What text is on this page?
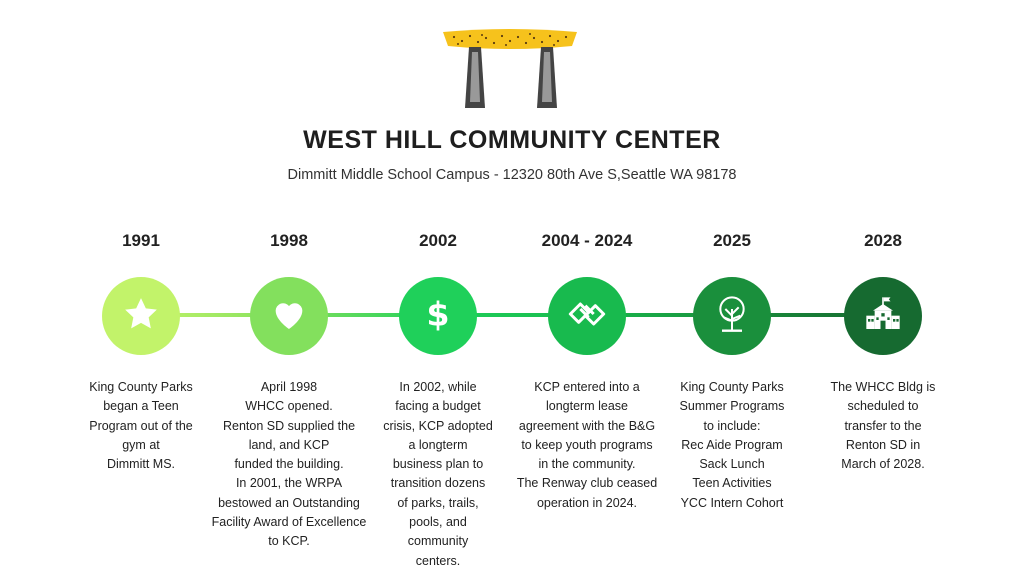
WEST HILL COMMUNITY CENTER
Dimmitt Middle School Campus - 12320 80th Ave S,Seattle WA 98178
1991
King County Parks
began a Teen
Program out of the
gym at
Dimmitt MS.
1998
April 1998
WHCC opened.
Renton SD supplied the
land, and KCP
funded the building.
In 2001, the WRPA
bestowed an Outstanding
Facility Award of Excellence
to KCP.
2002
$
In 2002, while
facing a budget
crisis, KCP adopted
a longterm
business plan to
transition dozens
of parks, trails,
pools, and
community
centers.
2004 - 2024
KCP entered into a
longterm lease
agreement with the B&G
to keep youth programs
in the community.
The Renway club ceased
operation in 2024.
2025
King County Parks
Summer Programs
to include:
Rec Aide Program
Sack Lunch
Teen Activities
YCC Intern Cohort
2028
The WHCC Bldg is
scheduled to
transfer to the
Renton SD in
March of 2028.
